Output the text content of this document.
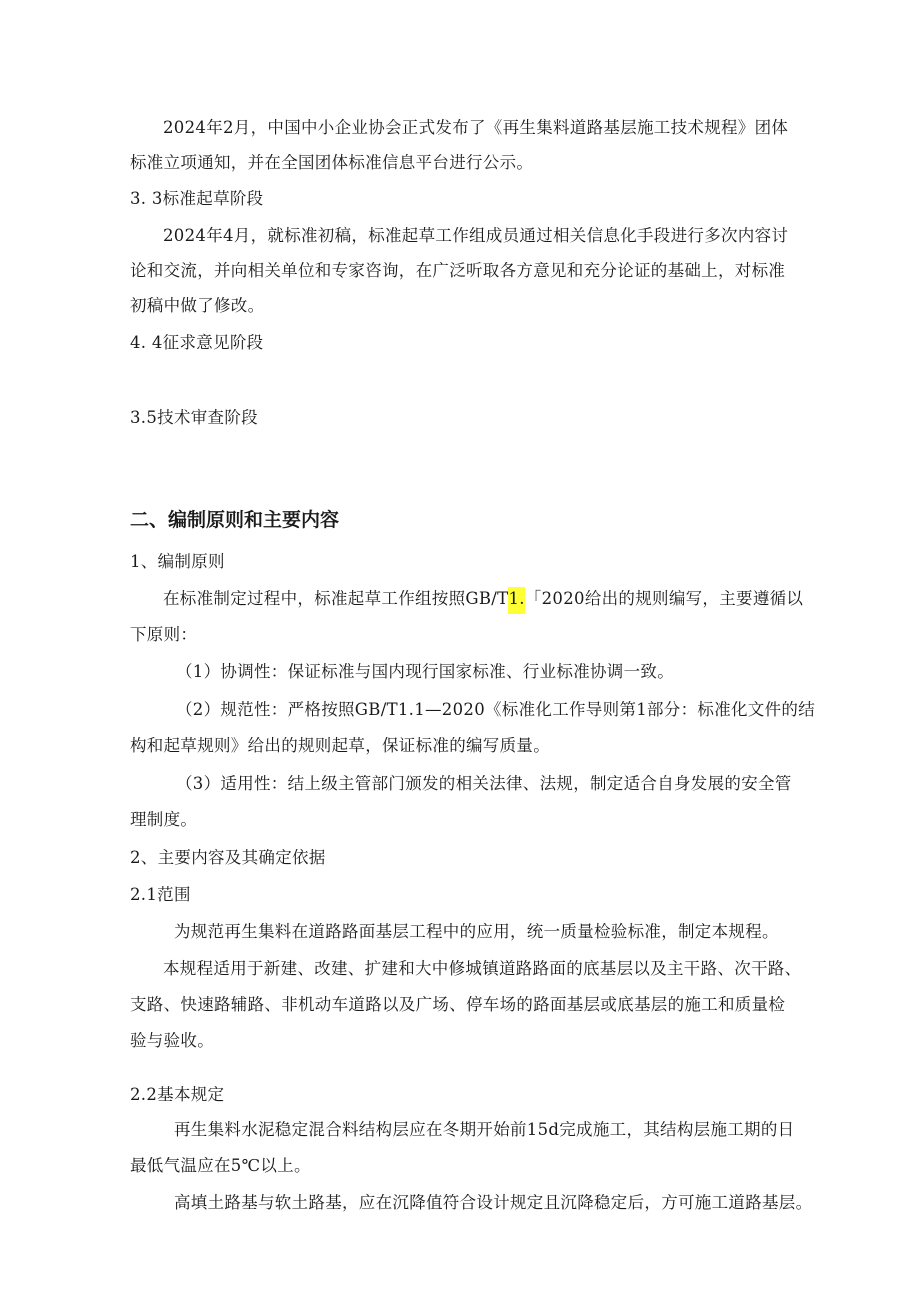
2024年2月，中国中小企业协会正式发布了《再生集料道路基层施工技术规程》团体
标准立项通知，并在全国团体标准信息平台进行公示。
3. 3标准起草阶段
2024年4月，就标准初稿，标准起草工作组成员通过相关信息化手段进行多次内容讨
论和交流，并向相关单位和专家咨询，在广泛听取各方意见和充分论证的基础上，对标准
初稿中做了修改。
4. 4征求意见阶段
3.5技术审查阶段
二、编制原则和主要内容
1、编制原则
在标准制定过程中，标准起草工作组按照GB/T1.「2020给出的规则编写，主要遵循以
下原则：
（1）协调性：保证标准与国内现行国家标准、行业标准协调一致。
（2）规范性：严格按照GB/T1.1—2020《标准化工作导则第1部分：标准化文件的结
构和起草规则》给出的规则起草，保证标准的编写质量。
（3）适用性：结上级主管部门颁发的相关法律、法规，制定适合自身发展的安全管
理制度。
2、主要内容及其确定依据
2.1范围
为规范再生集料在道路路面基层工程中的应用，统一质量检验标准，制定本规程。
本规程适用于新建、改建、扩建和大中修城镇道路路面的底基层以及主干路、次干路、
支路、快速路辅路、非机动车道路以及广场、停车场的路面基层或底基层的施工和质量检
验与验收。
2.2基本规定
再生集料水泥稳定混合料结构层应在冬期开始前15d完成施工，其结构层施工期的日
最低气温应在5℃以上。
高填土路基与软土路基，应在沉降值符合设计规定且沉降稳定后，方可施工道路基层。
